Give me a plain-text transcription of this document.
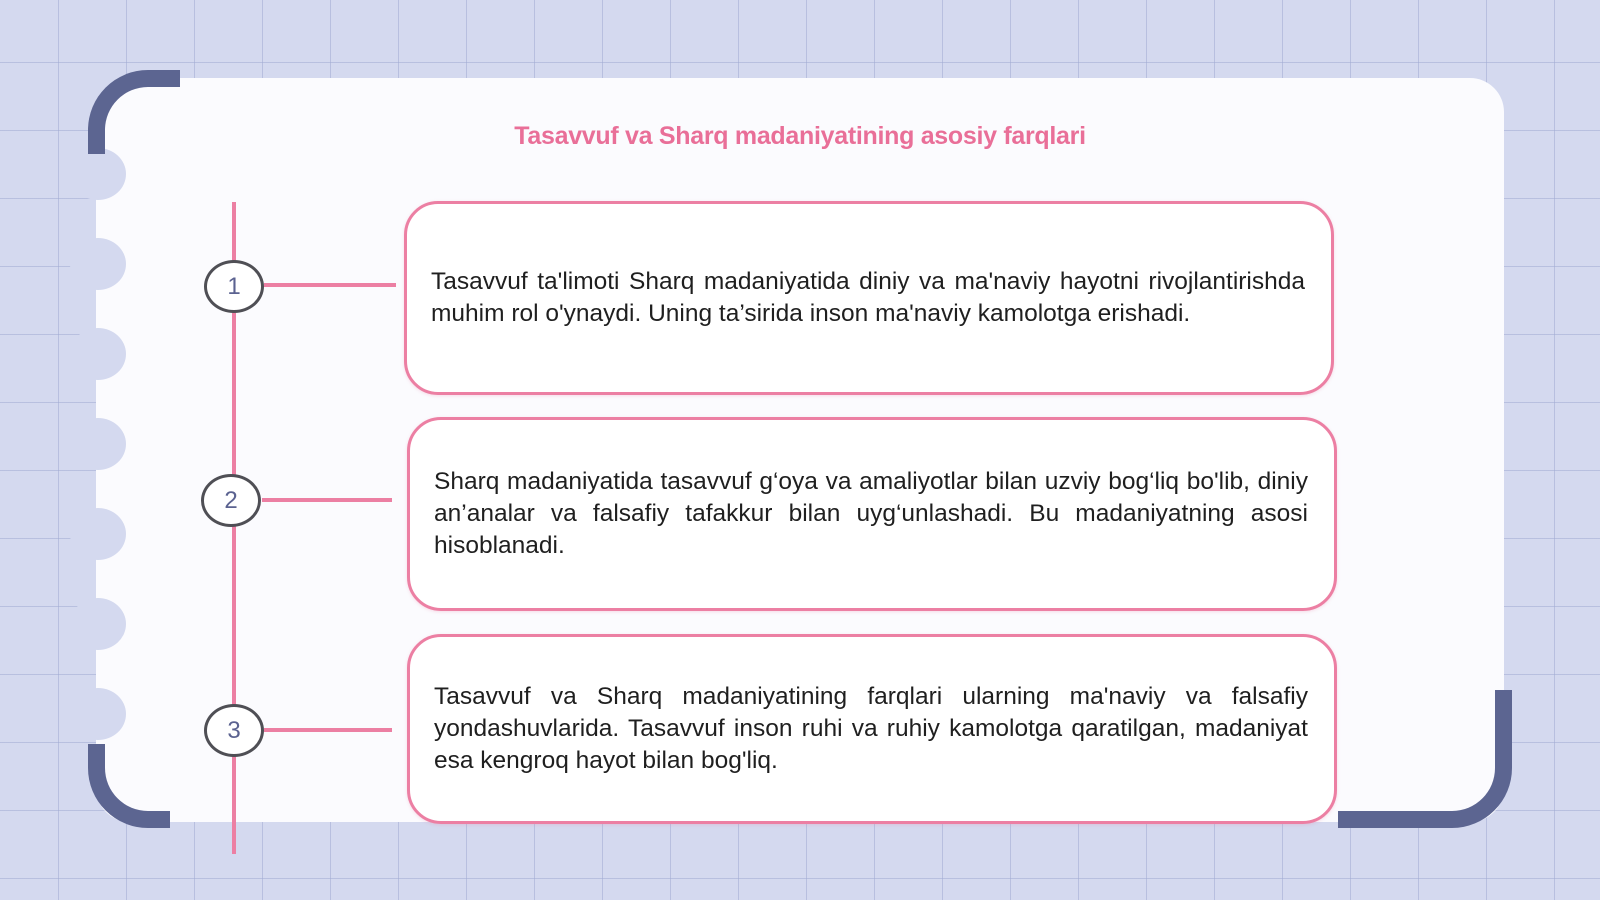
Tasavvuf va Sharq madaniyatining asosiy farqlari
1	Tasavvuf ta'limoti Sharq madaniyatida diniy va ma'naviy hayotni rivojlantirishda muhim rol o'ynaydi. Uning ta’sirida inson ma'naviy kamolotga erishadi.

2

Sharq madaniyatida tasavvuf g‘oya va amaliyotlar bilan uzviy bog‘liq bo'lib, diniy an’analar va falsafiy tafakkur bilan uyg‘unlashadi. Bu madaniyatning asosi hisoblanadi.

3

Tasavvuf va Sharq madaniyatining farqlari ularning ma'naviy va falsafiy yondashuvlarida. Tasavvuf inson ruhi va ruhiy kamolotga qaratilgan, madaniyat esa kengroq hayot bilan bog'liq.
